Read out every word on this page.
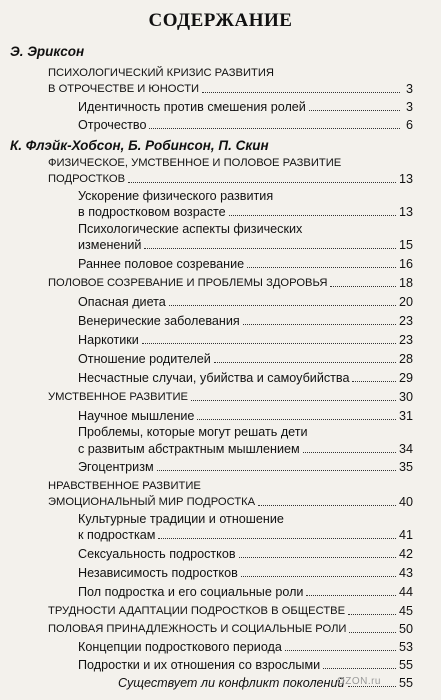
СОДЕРЖАНИЕ
Э. Эриксон
ПСИХОЛОГИЧЕСКИЙ КРИЗИС РАЗВИТИЯ
В ОТРОЧЕСТВЕ И ЮНОСТИ	3
Идентичность против смешения ролей	3
Отрочество	6
К. Флэйк-Хобсон, Б. Робинсон, П. Скин
ФИЗИЧЕСКОЕ, УМСТВЕННОЕ И ПОЛОВОЕ РАЗВИТИЕ
ПОДРОСТКОВ	13
Ускорение физического развития
в подростковом возрасте	13
Психологические аспекты физических
изменений	15
Раннее половое созревание	16
ПОЛОВОЕ СОЗРЕВАНИЕ И ПРОБЛЕМЫ ЗДОРОВЬЯ	18
Опасная диета	20
Венерические заболевания	23
Наркотики	23
Отношение родителей	28
Несчастные случаи, убийства и самоубийства	29
УМСТВЕННОЕ РАЗВИТИЕ	30
Научное мышление	31
Проблемы, которые могут решать дети
с развитым абстрактным мышлением	34
Эгоцентризм	35
НРАВСТВЕННОЕ РАЗВИТИЕ
ЭМОЦИОНАЛЬНЫЙ МИР ПОДРОСТКА	40
Культурные традиции и отношение
к подросткам	41
Сексуальность подростков	42
Независимость подростков	43
Пол подростка и его социальные роли	44
ТРУДНОСТИ АДАПТАЦИИ ПОДРОСТКОВ В ОБЩЕСТВЕ	45
ПОЛОВАЯ ПРИНАДЛЕЖНОСТЬ И СОЦИАЛЬНЫЕ РОЛИ	50
Концепции подросткового периода	53
Подростки и их отношения со взрослыми	55
Существует ли конфликт поколений	55
OZON.ru
